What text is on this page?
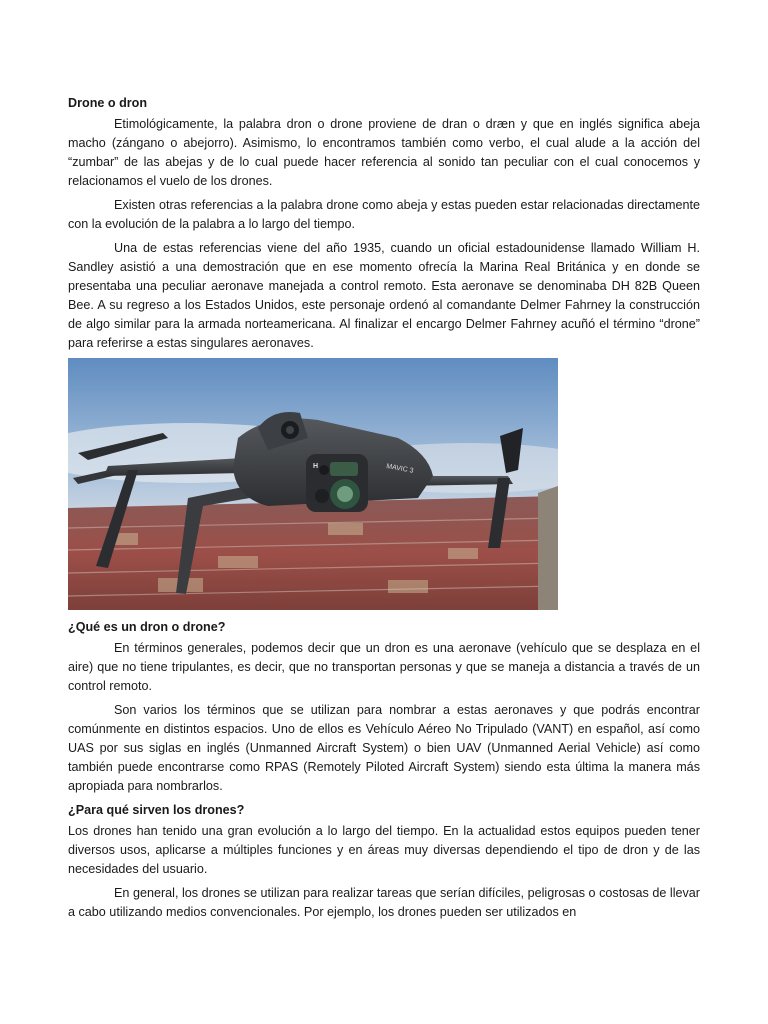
Drone o dron

Etimológicamente, la palabra dron o drone proviene de dran o dræn y que en inglés significa abeja macho (zángano o abejorro). Asimismo, lo encontramos también como verbo, el cual alude a la acción del “zumbar” de las abejas y de lo cual puede hacer referencia al sonido tan peculiar con el cual conocemos y relacionamos el vuelo de los drones.

Existen otras referencias a la palabra drone como abeja y estas pueden estar relacionadas directamente con la evolución de la palabra a lo largo del tiempo.

Una de estas referencias viene del año 1935, cuando un oficial estadounidense llamado William H. Sandley asistió a una demostración que en ese momento ofrecía la Marina Real Británica y en donde se presentaba una peculiar aeronave manejada a control remoto. Esta aeronave se denominaba DH 82B Queen Bee. A su regreso a los Estados Unidos, este personaje ordenó al comandante Delmer Fahrney la construcción de algo similar para la armada norteamericana. Al finalizar el encargo Delmer Fahrney acuñó el término “drone” para referirse a estas singulares aeronaves.

H	MAVIC 3
¿Qué es un dron o drone?

En términos generales, podemos decir que un dron es una aeronave (vehículo que se desplaza en el aire) que no tiene tripulantes, es decir, que no transportan personas y que se maneja a distancia a través de un control remoto.

Son varios los términos que se utilizan para nombrar a estas aeronaves y que podrás encontrar comúnmente en distintos espacios. Uno de ellos es Vehículo Aéreo No Tripulado (VANT) en español, así como UAS por sus siglas en inglés (Unmanned Aircraft System) o bien UAV (Unmanned Aerial Vehicle) así como también puede encontrarse como RPAS (Remotely Piloted Aircraft System) siendo esta última la manera más apropiada para nombrarlos.

¿Para qué sirven los drones?

Los drones han tenido una gran evolución a lo largo del tiempo. En la actualidad estos equipos pueden tener diversos usos, aplicarse a múltiples funciones y en áreas muy diversas dependiendo el tipo de dron y de las necesidades del usuario.

En general, los drones se utilizan para realizar tareas que serían difíciles, peligrosas o costosas de llevar a cabo utilizando medios convencionales. Por ejemplo, los drones pueden ser utilizados en
